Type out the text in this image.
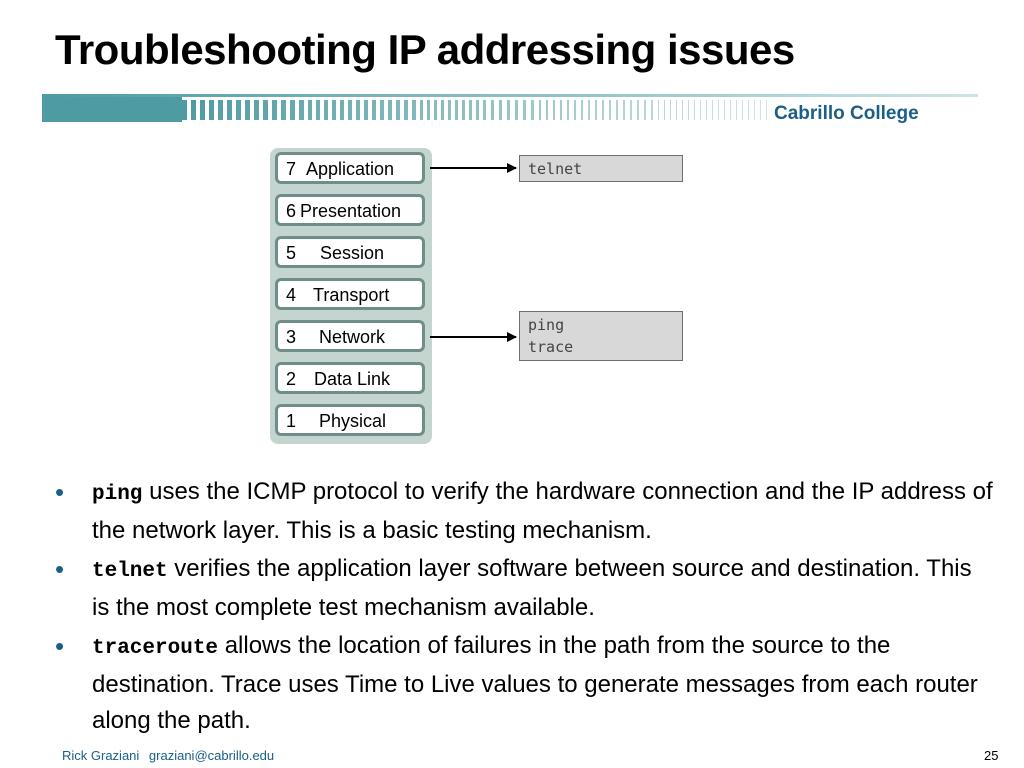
Troubleshooting IP addressing issues
Cabrillo College
7 Application
6 Presentation
5 Session
4 Transport
3 Network
2 Data Link
1 Physical
telnet
ping
trace
• ping uses the ICMP protocol to verify the hardware connection and the IP address of the network layer. This is a basic testing mechanism.
• telnet verifies the application layer software between source and destination. This is the most complete test mechanism available.
• traceroute allows the location of failures in the path from the source to the destination. Trace uses Time to Live values to generate messages from each router along the path.
Rick Graziani graziani@cabrillo.edu	25
